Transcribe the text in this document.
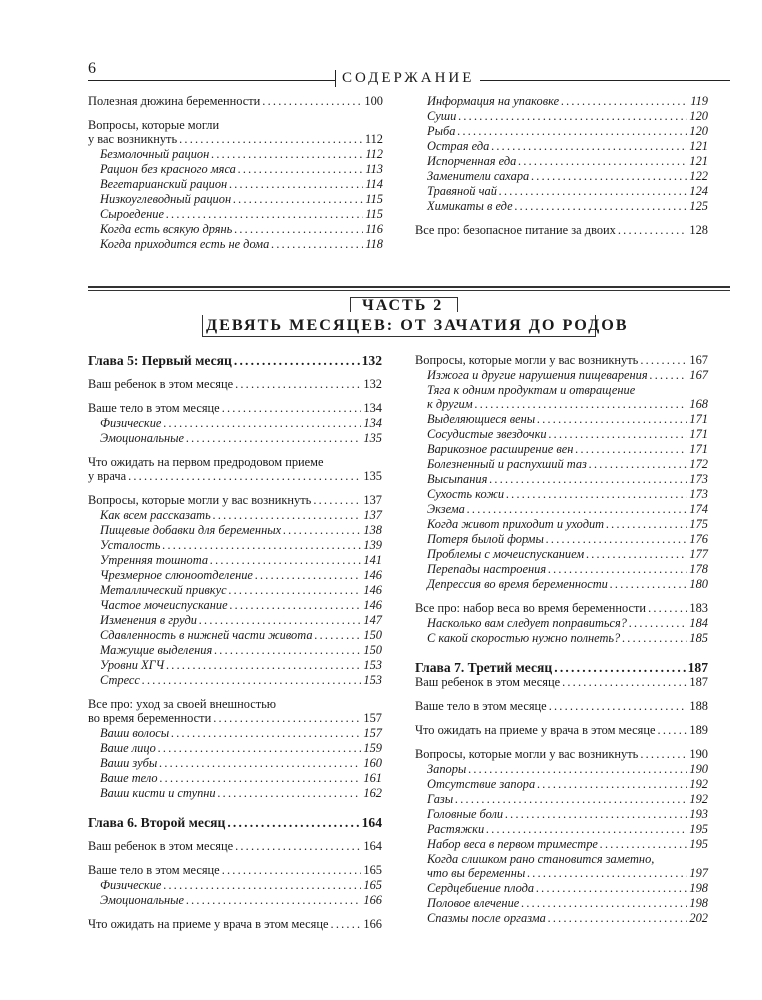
6
СОДЕРЖАНИЕ
Полезная дюжина беременности .....	100
Вопросы, которые могли
у вас возникнуть .....	112
Безмолочный рацион .....	112
Рацион без красного мяса .....	113
Вегетарианский рацион .....	114
Низкоуглеводный рацион .....	115
Сыроедение .....	115
Когда есть всякую дрянь .....	116
Когда приходится есть не дома .....	118
Информация на упаковке .....	119
Суши .....	120
Рыба .....	120
Острая еда .....	121
Испорченная еда .....	121
Заменители сахара .....	122
Травяной чай .....	124
Химикаты в еде .....	125
Все про: безопасное питание за двоих .....	128
ЧАСТЬ 2
ДЕВЯТЬ МЕСЯЦЕВ: ОТ ЗАЧАТИЯ ДО РОДОВ
Глава 5: Первый месяц .....	132
Ваш ребенок в этом месяце .....	132
Ваше тело в этом месяце .....	134
Физические .....	134
Эмоциональные .....	135
Что ожидать на первом предродовом приеме
у врача .....	135
Вопросы, которые могли у вас возникнуть .....	137
Как всем рассказать .....	137
Пищевые добавки для беременных .....	138
Усталость .....	139
Утренняя тошнота .....	141
Чрезмерное слюноотделение .....	146
Металлический привкус .....	146
Частое мочеиспускание .....	146
Изменения в груди .....	147
Сдавленность в нижней части живота .....	150
Мажущие выделения .....	150
Уровни ХГЧ .....	153
Стресс .....	153
Все про: уход за своей внешностью
во время беременности .....	157
Ваши волосы .....	157
Ваше лицо .....	159
Ваши зубы .....	160
Ваше тело .....	161
Ваши кисти и ступни .....	162
Глава 6. Второй месяц .....	164
Ваш ребенок в этом месяце .....	164
Ваше тело в этом месяце .....	165
Физические .....	165
Эмоциональные .....	166
Что ожидать на приеме у врача в этом месяце .....	166
Вопросы, которые могли у вас возникнуть .....	167
Изжога и другие нарушения пищеварения .....	167
Тяга к одним продуктам и отвращение
к другим .....	168
Выделяющиеся вены .....	171
Сосудистые звездочки .....	171
Варикозное расширение вен .....	171
Болезненный и распухший таз .....	172
Высыпания .....	173
Сухость кожи .....	173
Экзема .....	174
Когда живот приходит и уходит .....	175
Потеря былой формы .....	176
Проблемы с мочеиспусканием .....	177
Перепады настроения .....	178
Депрессия во время беременности .....	180
Все про: набор веса во время беременности .....	183
Насколько вам следует поправиться? .....	184
С какой скоростью нужно полнеть? .....	185
Глава 7. Третий месяц .....	187
Ваш ребенок в этом месяце .....	187
Ваше тело в этом месяце .....	188
Что ожидать на приеме у врача в этом месяце .....	189
Вопросы, которые могли у вас возникнуть .....	190
Запоры .....	190
Отсутствие запора .....	192
Газы .....	192
Головные боли .....	193
Растяжки .....	195
Набор веса в первом триместре .....	195
Когда слишком рано становится заметно,
что вы беременны .....	197
Сердцебиение плода .....	198
Половое влечение .....	198
Спазмы после оргазма .....	202
